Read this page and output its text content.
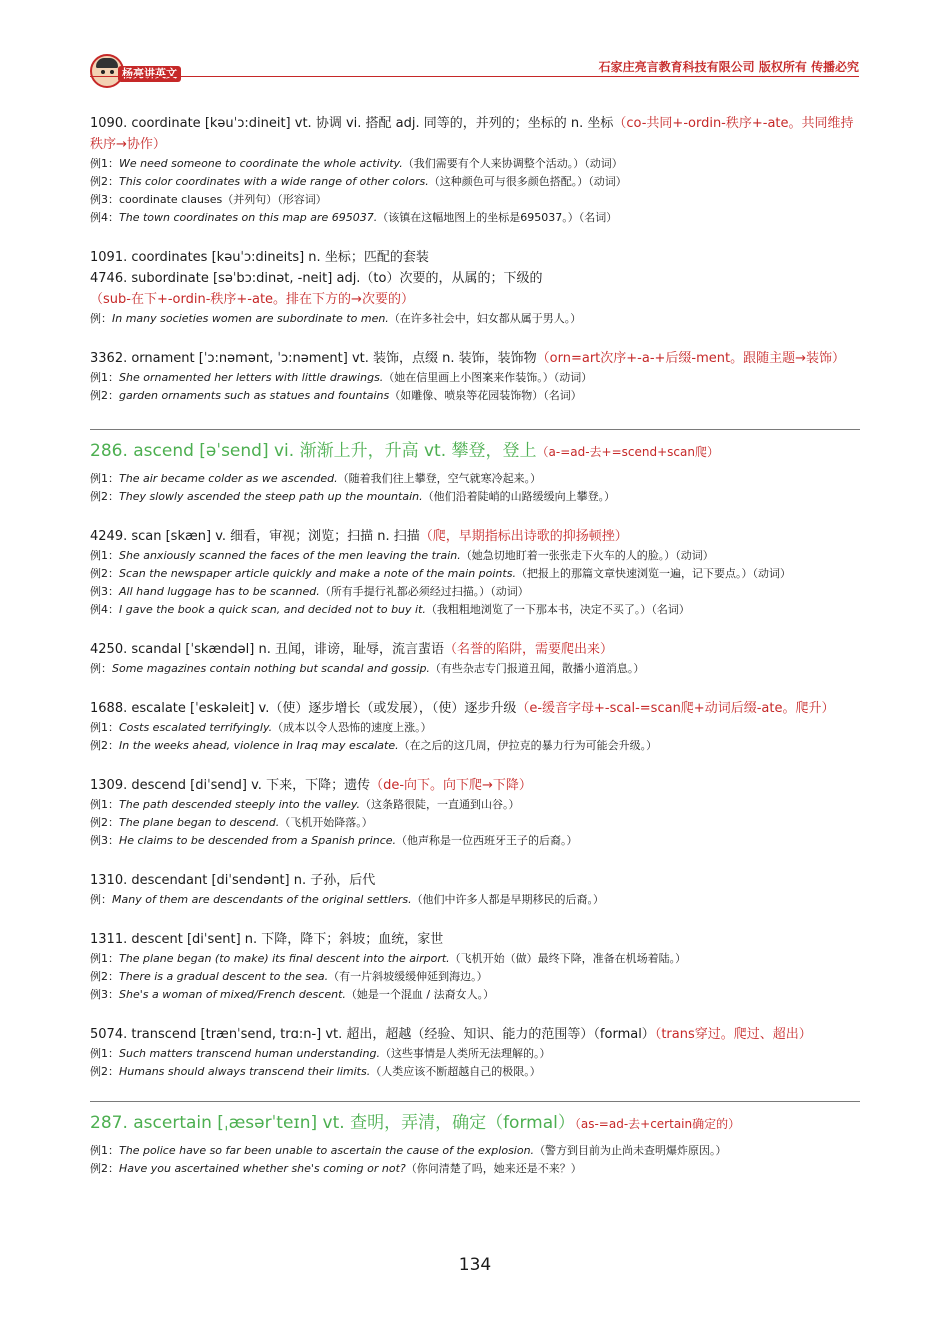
杨亮讲英文	石家庄亮言教育科技有限公司 版权所有 传播必究
1090. coordinate [kəuˈɔ:dineit] vt. 协调 vi. 搭配 adj. 同等的，并列的；坐标的 n. 坐标（co-共同+-ordin-秩序+-ate。共同维持秩序→协作）
例1：We need someone to coordinate the whole activity.（我们需要有个人来协调整个活动。）（动词）
例2：This color coordinates with a wide range of other colors.（这种颜色可与很多颜色搭配。）（动词）
例3：coordinate clauses（并列句）（形容词）
例4：The town coordinates on this map are 695037.（该镇在这幅地图上的坐标是695037。）（名词）
1091. coordinates [kəuˈɔ:dineits] n. 坐标；匹配的套装
4746. subordinate [səˈbɔ:dinət, -neit] adj.（to）次要的，从属的；下级的（sub-在下+-ordin-秩序+-ate。排在下方的→次要的）
例：In many societies women are subordinate to men.（在许多社会中，妇女都从属于男人。）
3362. ornament [ˈɔ:nəmənt, ˈɔ:nəment] vt. 装饰，点缀 n. 装饰，装饰物（orn=art次序+-a-+后缀-ment。跟随主题→装饰）
例1：She ornamented her letters with little drawings.（她在信里画上小图案来作装饰。）（动词）
例2：garden ornaments such as statues and fountains（如雕像、喷泉等花园装饰物）（名词）
286. ascend [əˈsend] vi. 渐渐上升，升高 vt. 攀登，登上（a-=ad-去+=scend+scan爬）
例1：The air became colder as we ascended.（随着我们往上攀登，空气就寒冷起来。）
例2：They slowly ascended the steep path up the mountain.（他们沿着陡峭的山路缓缓向上攀登。）
4249. scan [skæn] v. 细看，审视；浏览；扫描 n. 扫描（爬，早期指标出诗歌的抑扬顿挫）
例1：She anxiously scanned the faces of the men leaving the train.（她急切地盯着一张张走下火车的人的脸。）（动词）
例2：Scan the newspaper article quickly and make a note of the main points.（把报上的那篇文章快速浏览一遍，记下要点。）（动词）
例3：All hand luggage has to be scanned.（所有手提行礼都必须经过扫描。）（动词）
例4：I gave the book a quick scan, and decided not to buy it.（我粗粗地浏览了一下那本书，决定不买了。）（名词）
4250. scandal [ˈskændəl] n. 丑闻，诽谤，耻辱，流言蜚语（名誉的陷阱，需要爬出来）
例：Some magazines contain nothing but scandal and gossip.（有些杂志专门报道丑闻，散播小道消息。）
1688. escalate [ˈeskəleit] v.（使）逐步增长（或发展），（使）逐步升级（e-缓音字母+-scal-=scan爬+动词后缀-ate。爬升）
例1：Costs escalated terrifyingly.（成本以令人恐怖的速度上涨。）
例2：In the weeks ahead, violence in Iraq may escalate.（在之后的这几周，伊拉克的暴力行为可能会升级。）
1309. descend [diˈsend] v. 下来，下降；遗传（de-向下。向下爬→下降）
例1：The path descended steeply into the valley.（这条路很陡，一直通到山谷。）
例2：The plane began to descend.（飞机开始降落。）
例3：He claims to be descended from a Spanish prince.（他声称是一位西班牙王子的后裔。）
1310. descendant [diˈsendənt] n. 子孙，后代
例：Many of them are descendants of the original settlers.（他们中许多人都是早期移民的后裔。）
1311. descent [diˈsent] n. 下降，降下；斜坡；血统，家世
例1：The plane began (to make) its final descent into the airport.（飞机开始（做）最终下降，准备在机场着陆。）
例2：There is a gradual descent to the sea.（有一片斜坡缓缓伸延到海边。）
例3：She's a woman of mixed/French descent.（她是一个混血 / 法裔女人。）
5074. transcend [trænˈsend, trɑ:n-] vt. 超出，超越（经验、知识、能力的范围等）（formal）（trans穿过。爬过、超出）
例1：Such matters transcend human understanding.（这些事情是人类所无法理解的。）
例2：Humans should always transcend their limits.（人类应该不断超越自己的极限。）
287. ascertain [ˌæsərˈteɪn] vt. 查明，弄清，确定（formal）（as-=ad-去+certain确定的）
例1：The police have so far been unable to ascertain the cause of the explosion.（警方到目前为止尚未查明爆炸原因。）
例2：Have you ascertained whether she's coming or not?（你问清楚了吗，她来还是不来？）
134
